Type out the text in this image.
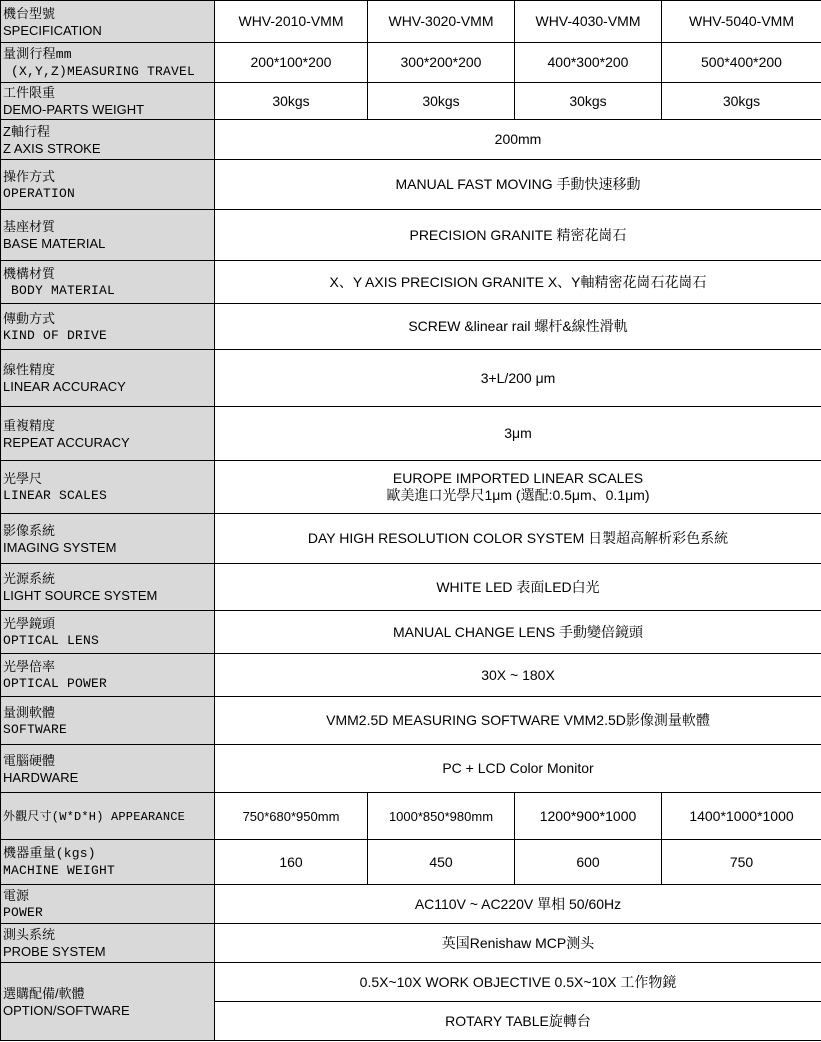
機台型號
SPECIFICATION	WHV-2010-VMM	WHV-3020-VMM	WHV-4030-VMM	WHV-5040-VMM

量測行程mm
(X,Y,Z)MEASURING TRAVEL	200*100*200	300*200*200	400*300*200	500*400*200

工件限重
DEMO-PARTS WEIGHT	30kgs	30kgs	30kgs	30kgs

Z軸行程
Z AXIS STROKE	200mm			

操作方式
OPERATION	MANUAL FAST MOVING 手動快速移動			

基座材質
BASE MATERIAL	PRECISION GRANITE 精密花崗石			

機構材質
BODY MATERIAL	X、Y AXIS PRECISION GRANITE X、Y軸精密花崗石花崗石			

傳動方式
KIND OF DRIVE	SCREW &linear rail 螺杆&線性滑軌			

線性精度
LINEAR ACCURACY	3+L/200 μm			

重複精度
REPEAT ACCURACY	3μm			

光學尺
LINEAR SCALES	EUROPE IMPORTED LINEAR SCALES
歐美進口光學尺1μm (選配:0.5μm、0.1μm)			

影像系統
IMAGING SYSTEM	DAY HIGH RESOLUTION COLOR SYSTEM 日製超高解析彩色系統			

光源系統
LIGHT SOURCE SYSTEM	WHITE LED 表面LED白光			

光學鏡頭
OPTICAL LENS	MANUAL CHANGE LENS 手動變倍鏡頭			

光學倍率
OPTICAL POWER	30X ~ 180X			

量測軟體
SOFTWARE	VMM2.5D MEASURING SOFTWARE VMM2.5D影像測量軟體			

電腦硬體
HARDWARE	PC + LCD Color Monitor			
外觀尺寸(W*D*H) APPEARANCE	750*680*950mm	1000*850*980mm	1200*900*1000	1400*1000*1000

機器重量(kgs)
MACHINE WEIGHT	160	450	600	750

電源
POWER	AC110V ~ AC220V 單相 50/60Hz			

測头系统
PROBE SYSTEM	英国Renishaw MCP测头			

選購配備/軟體
OPTION/SOFTWARE	0.5X~10X WORK OBJECTIVE 0.5X~10X 工作物鏡			
	ROTARY TABLE旋轉台			
